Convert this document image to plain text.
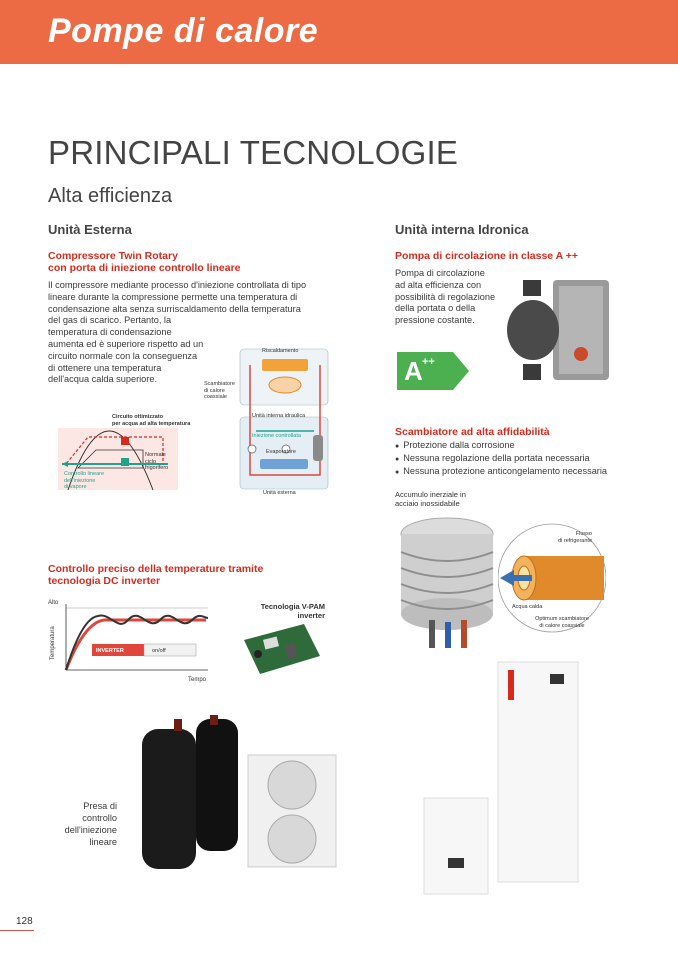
Pompe di calore
PRINCIPALI TECNOLOGIE
Alta efficienza
Unità Esterna
Compressore Twin Rotary
con porta di iniezione controllo lineare
Il compressore mediante processo d'iniezione controllata di tipo
lineare durante la compressione permette una temperatura di
condensazione alta senza surriscaldamento della temperatura
del gas di scarico. Pertanto, la
temperatura di condensazione
aumenta ed è superiore rispetto ad un
circuito normale con la conseguenza
di ottenere una temperatura
dell'acqua calda superiore.
Circuito ottimizzato
per acqua ad alta temperatura
Normale
ciclo
frigorifero
Controllo lineare
dell'iniezione
di vapore
Riscaldamento
Scambiatore
di calore
coassiale
Unità interna idraulica
Iniezione controllata
Evaporatore
Unità esterna
Controllo preciso della temperature tramite
tecnologia DC inverter
Alto
Temperatura
Tempo
INVERTER	on/off
Tecnologia V-PAM
inverter
Presa di
controllo
dell'iniezione
lineare
Unità interna Idronica
Pompa di circolazione in classe A ++
Pompa di circolazione
ad alta efficienza con
possibilità di regolazione
della portata o della
pressione costante.
A ++
Scambiatore ad alta affidabilità
● Protezione dalla corrosione
● Nessuna regolazione della portata necessaria
● Nessuna protezione anticongelamento necessaria
Accumulo inerziale in
acciaio inossidabile
Flusso
di refrigerante
Acqua calda
Optimum scambiatore
di calore coassiale
128
